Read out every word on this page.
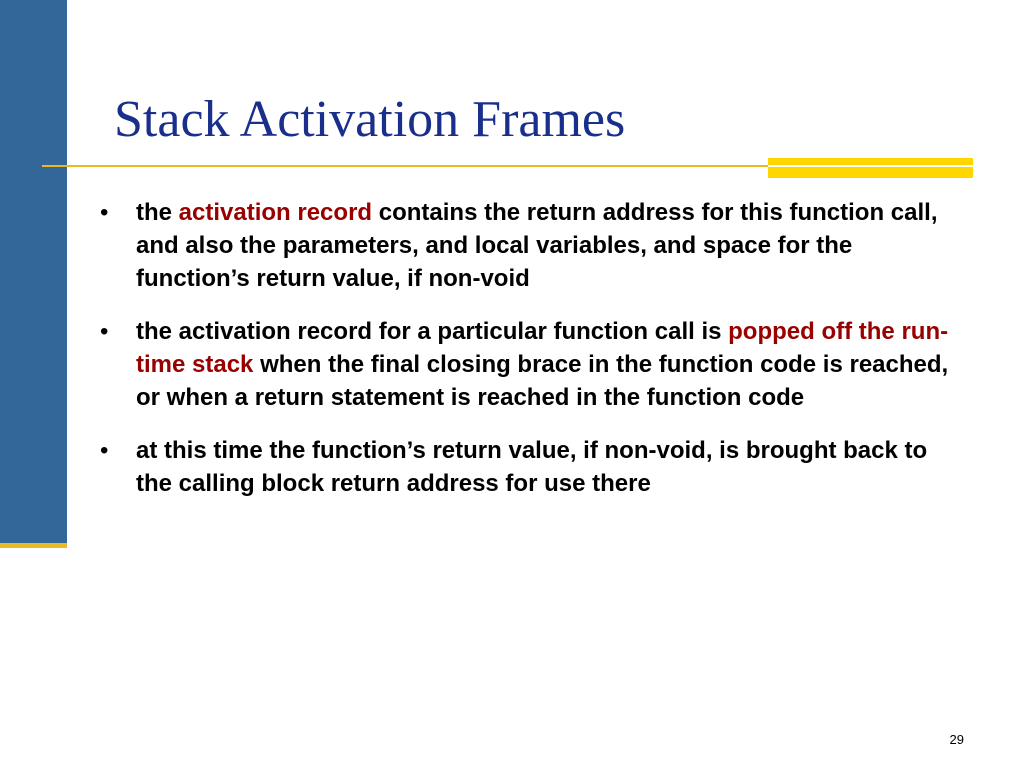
Stack Activation Frames
• the activation record contains the return address for this function call, and also the parameters, and local variables, and space for the function’s return value, if non-void
• the activation record for a particular function call is popped off the run-time stack when the final closing brace in the function code is reached, or when a return statement is reached in the function code
• at this time the function’s return value, if non-void, is brought back to the calling block return address for use there
29
